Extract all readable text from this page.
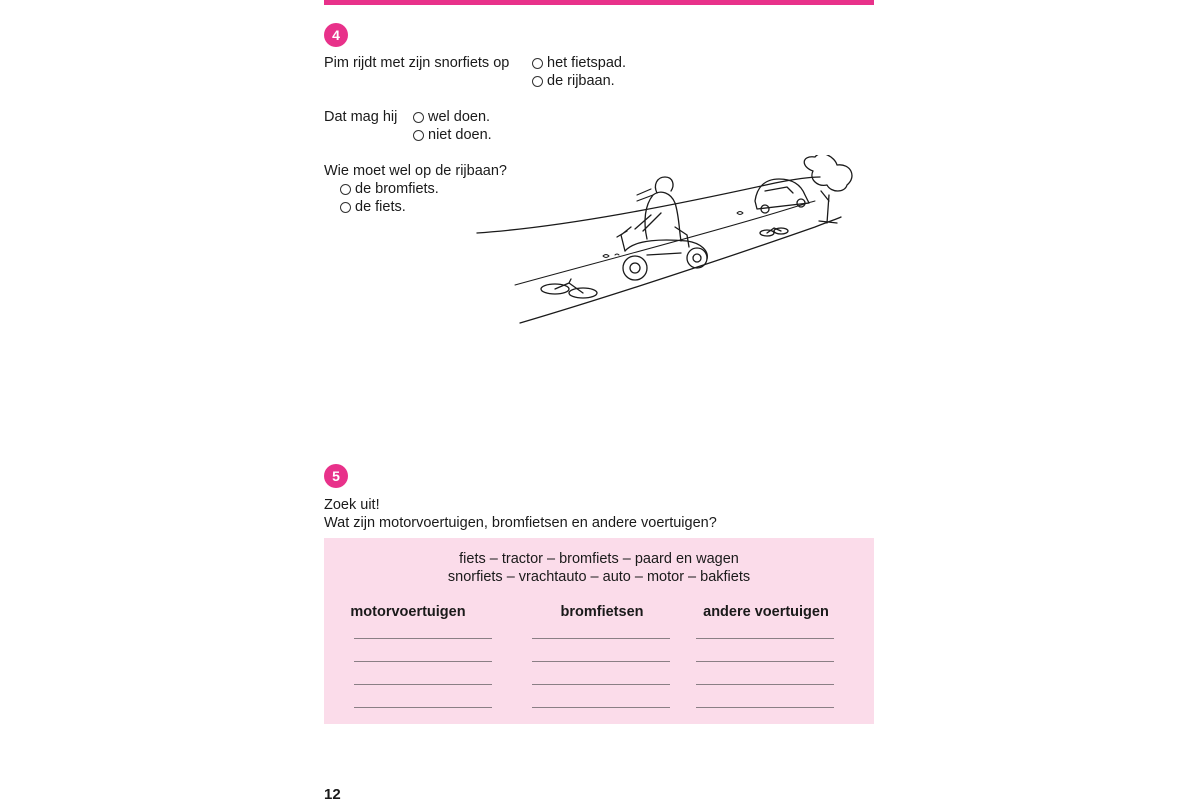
4
Pim rijdt met zijn snorfiets op	het fietspad.
de rijbaan.
Dat mag hij wel doen.
niet doen.
Wie moet wel op de rijbaan?
de bromfiets.
de fiets.
5
Zoek uit!
Wat zijn motorvoertuigen, bromfietsen en andere voertuigen?
fiets – tractor – bromfiets – paard en wagen
snorfiets – vrachtauto – auto – motor – bakfiets
motorvoertuigen	bromfietsen	andere voertuigen
12
